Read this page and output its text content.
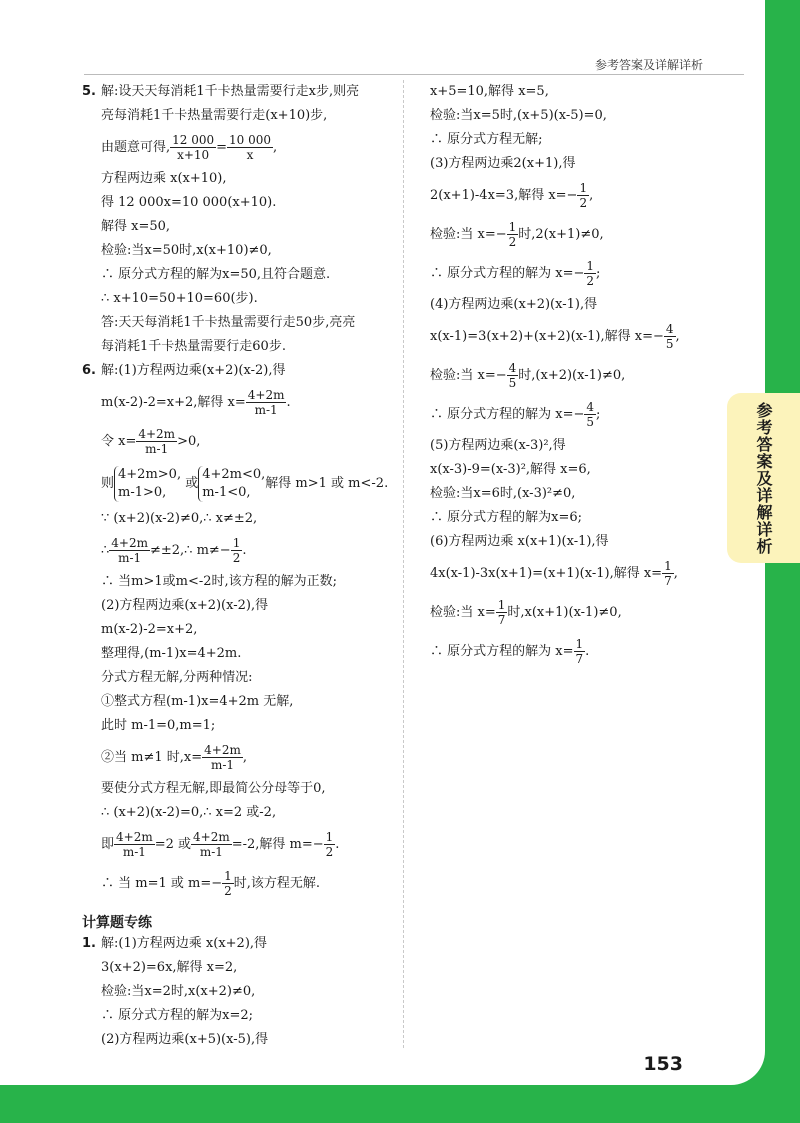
参考答案及详解详析
5. 解:设天天每消耗1千卡热量需要行走x步,则亮
亮每消耗1千卡热量需要行走(x+10)步,
由题意可得, $\frac{12 000}{x+10} = \frac{10 000}{x}$ ,
方程两边乘 x(x+10),
得 12 000x=10 000(x+10).
解得 x=50,
检验:当x=50时,x(x+10)≠0,
∴ 原分式方程的解为x=50,且符合题意.
∴ x+10=50+10=60(步).
答:天天每消耗1千卡热量需要行走50步,亮亮
每消耗1千卡热量需要行走60步.
6. 解:(1)方程两边乘(x+2)(x-2),得
m(x-2)-2=x+2,解得 $x= \frac{4+2m}{m-1}$ .
令 $x= \frac{4+2m}{m-1} >0$,
则
4+2m>0,
m-1>0,
或
4+2m<0,
m-1<0,
解得 m>1 或 m<-2.
∵ (x+2)(x-2)≠0,∴ x≠±2,
∴ $\frac{4+2m}{m-1}$ ≠±2,∴ $m\ne- \frac{1}{2}$ .
∴ 当m>1或m<-2时,该方程的解为正数;
(2)方程两边乘(x+2)(x-2),得
m(x-2)-2=x+2,
整理得,(m-1)x=4+2m.
分式方程无解,分两种情况:
①整式方程(m-1)x=4+2m 无解,
此时 m-1=0,m=1;
②当 m≠1 时$,x= \frac{4+2m}{m-1}$ ,
要使分式方程无解,即最简公分母等于0,
∴ (x+2)(x-2)=0,∴ x=2 或-2,
即 $\frac{4+2m}{m-1} =2$ 或 $\frac{4+2m}{m-1} =-2$,解得 $m=- \frac{1}{2}$ .
∴ 当 m=1 或 $m=- \frac{1}{2}$ 时,该方程无解.
计算题专练
1. 解:(1)方程两边乘 x(x+2),得
3(x+2)=6x,解得 x=2,
检验:当x=2时,x(x+2)≠0,
∴ 原分式方程的解为x=2;
(2)方程两边乘(x+5)(x-5),得
x+5=10,解得 x=5,
检验:当x=5时,(x+5)(x-5)=0,
∴ 原分式方程无解;
(3)方程两边乘2(x+1),得
2(x+1)-4x=3,解得 $x=- \frac{1}{2}$ ,
检验:当 $x=- \frac{1}{2}$ 时,2(x+1)≠0,
∴ 原分式方程的解为 $x=- \frac{1}{2}$ ;
(4)方程两边乘(x+2)(x-1),得
x(x-1)=3(x+2)+(x+2)(x-1),解得 $x=- \frac{4}{5}$ ,
检验:当 $x=- \frac{4}{5}$ 时,(x+2)(x-1)≠0,
∴ 原分式方程的解为 $x=- \frac{4}{5}$ ;
(5)方程两边乘(x-3)²,得
x(x-3)-9=(x-3)²,解得 x=6,
检验:当x=6时,(x-3)²≠0,
∴ 原分式方程的解为x=6;
(6)方程两边乘 x(x+1)(x-1),得
4x(x-1)-3x(x+1)=(x+1)(x-1),解得 $x= \frac{1}{7}$ ,
检验:当 $x= \frac{1}{7}$ 时,x(x+1)(x-1)≠0,
∴ 原分式方程的解为 $x= \frac{1}{7}$ .
153
参考答案及详解详析
